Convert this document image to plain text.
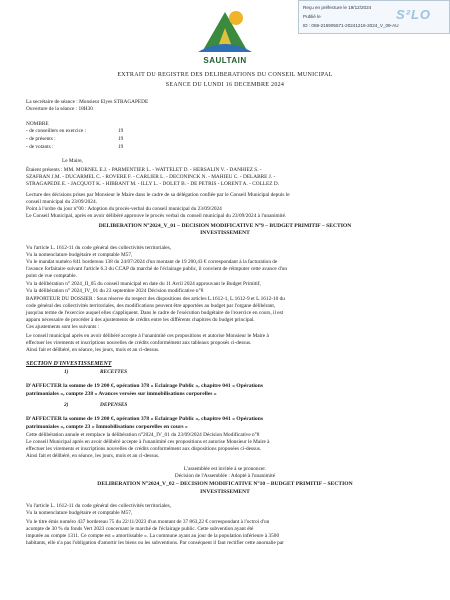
SAULTAIN
Reçu en préfecture le 19/12/2024
Publié le
ID : 059-215905571-20241216-2024_V_09-AU
S²LO
EXTRAIT DU REGISTRE DES DELIBERATIONS DU CONSEIL MUNICIPAL
SEANCE DU LUNDI 16 DECEMBRE 2024
La secrétaire de séance : Monsieur Elyes STRAGAPEDE
Ouverture de la séance : 18H30
NOMBRE
- de conseillers en exercice :	19
- de présents :	19
- de votants :	19
Le Maire,
Étaient présents : MM. MORNEL E.J. - PARMENTIER L. - WATTELET D. - HERSALIN V. - DANHIEZ S. -
SZAFRAN J.M. - DUCARMEL C. - ROVERE F. - CARLIER L. - DECONINCK N. - MAHIEU C. - DELABRE J. -
STRAGAPEDE E. - JACQUOT K. - HIBBANT M. - ILLY L. - DOLET B. - DE PETRIS - LORENT A. - COLLEZ D.
Lecture des décisions prises par Monsieur le Maire dans le cadre de sa délégation confiée par le Conseil Municipal depuis le
conseil municipal du 23/09/2024.
Point à l'ordre du jour n°00 : Adoption du procès-verbal du conseil municipal du 23/09/2024
Le Conseil Municipal, après en avoir délibéré approuve le procès verbal du conseil municipal du 23/09/2024 à l'unanimité.
DELIBERATION N°2024_V_01 – DECISION MODIFICATIVE N°9 – BUDGET PRIMITIF – SECTION
INVESTISSEMENT
Vu l'article L. 1612-11 du code général des collectivités territoriales,
Vu la nomenclature budgétaire et comptable M57,
Vu le mandat numéro 841 bordereau 138 du 24/07/2024 d'un montant de 19 200,43 € correspondant à la facturation de
l'avance forfaitaire suivant l'article 6.3 du CCAP du marché de l'éclairage public, il convient de réimputer cette avance d'un
point de vue comptable.
Vu la délibération n° 2024_II_05 du conseil municipal en date du 11 Avril 2024 approuvant le Budget Primitif,
Vu la délibération n° 2024_IV_01 du 23 septembre 2024 Décision modificative n°8
RAPPORTEUR DU DOSSIER : Sous réserve du respect des dispositions des articles L.1612-1, L.1612-9 et L.1612-10 du
code général des collectivités territoriales, des modifications peuvent être apportées au budget par l'organe délibérant,
jusqu'au terme de l'exercice auquel elles s'appliquent. Dans le cadre de l'exécution budgétaire de l'exercice en cours, il est
apparu nécessaire de procéder à des ajustements de crédits entre les différents chapitres du budget principal.
Ces ajustements sont les suivants :
Le conseil municipal après en avoir délibéré accepte à l'unanimité ces propositions et autorise Monsieur le Maire à
effectuer les virements et inscriptions nouvelles de crédits conformément aux tableaux proposés ci-dessus.
Ainsi fait et délibéré, en séance, les jours, mois et an ci-dessus.
SECTION D'INVESTISSEMENT
1)	RECETTES
D'AFFECTER la somme de 19 200 €, opération 378 « Eclairage Public », chapitre 041 « Opérations
patrimoniales », compte 238 « Avances versées sur immobilisations corporelles »
2)	DEPENSES
D'AFFECTER la somme de 19 200 €, opération 378 « Eclairage Public », chapitre 041 « Opérations
patrimoniales », compte 23 « Immobilisations corporelles en cours »
Cette délibération annule et remplace la délibération n°2024_IV_01 du 23/09/2024 Décision Modificative n°8
Le conseil Municipal après en avoir délibéré accepte à l'unanimité ces propositions et autorise Monsieur le Maire à
effectuer les virements et inscriptions nouvelles de crédits conformément aux dispositions proposées ci-dessus.
Ainsi fait et délibéré, en séance, les jours, mois et an ci-dessus.
L'assemblée est invitée à se prononcer.
Décision de l'Assemblée : Adopté à l'unanimité
DELIBERATION N°2024_V_02 – DECISION MODIFICATIVE N°10 – BUDGET PRIMITIF – SECTION
INVESTISSEMENT
Vu l'article L. 1612-11 du code général des collectivités territoriales,
Vu la nomenclature budgétaire et comptable M57,
Vu le titre émis numéro 437 bordereau 75 du 22/11/2023 d'un montant de 37 863,22 € correspondant à l'octroi d'un
acompte de 30 % du fonds Vert 2023 concernant le marché de l'éclairage public. Cette subvention ayant été
imputée au compte 1311. Ce compte est « amortissable ». La commune ayant au jour de la population inférieure à 3500
habitants, elle n'a pas l'obligation d'amortir les biens ou les subventions. Par conséquent il faut rectifier cette anomalie par
